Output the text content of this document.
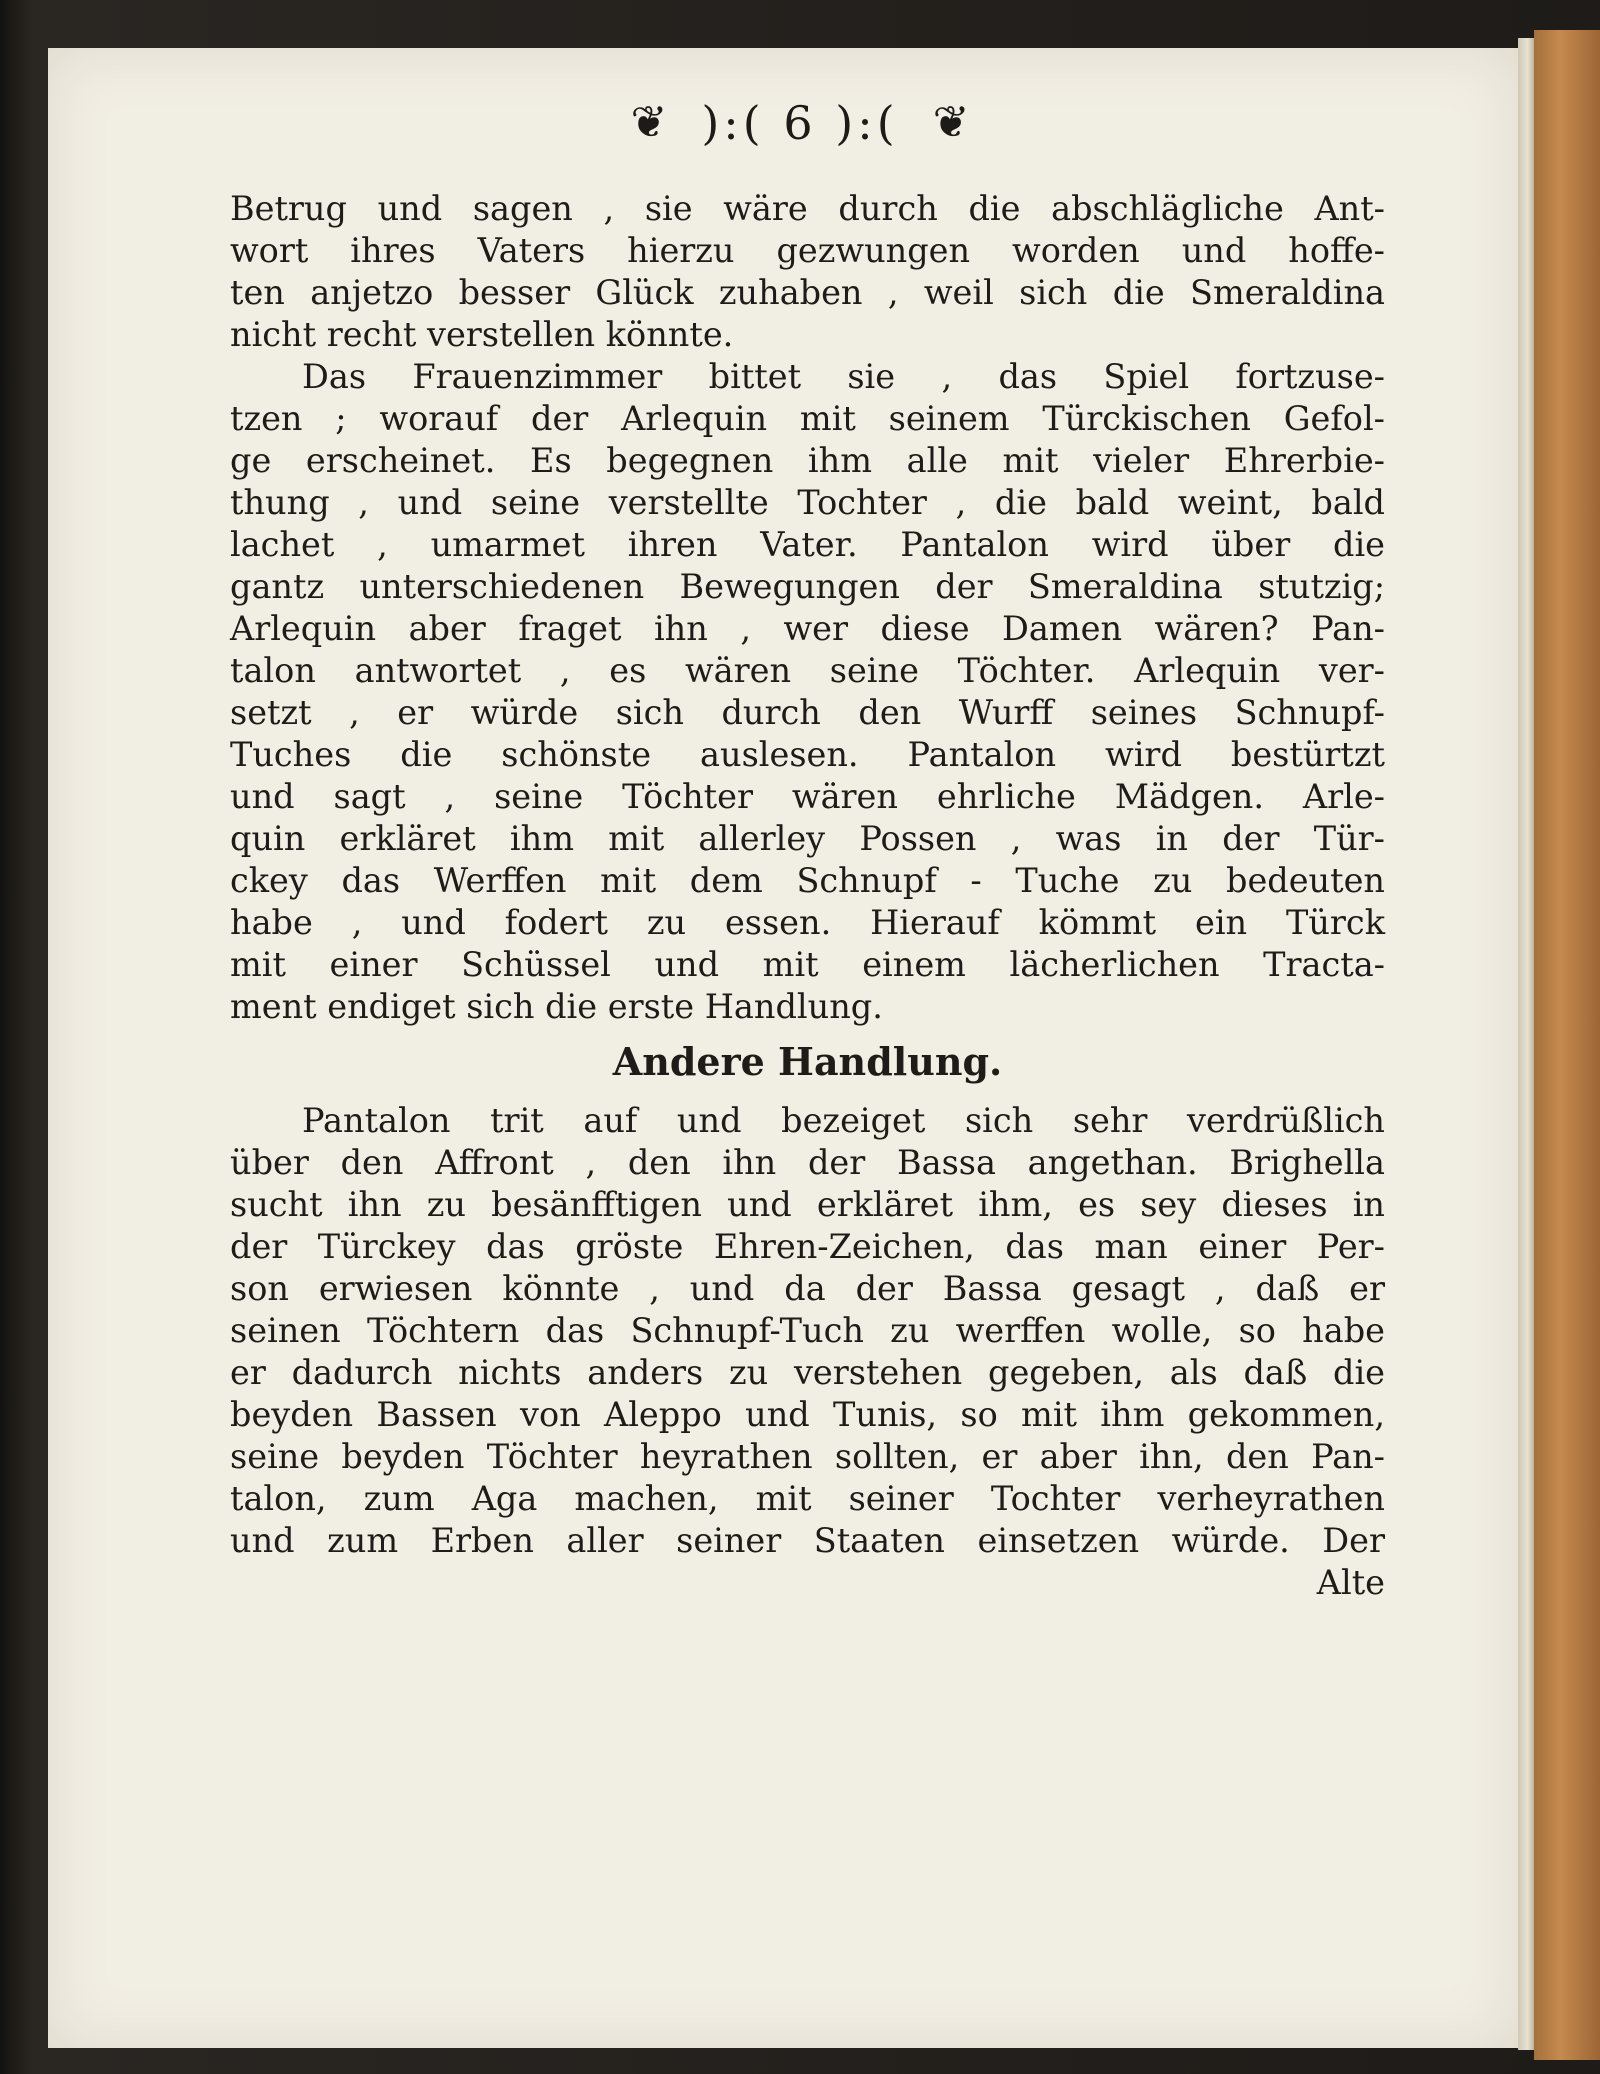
❦ ):( 6 ):( ❦
Betrug und sagen , sie wäre durch die abschlägliche Ant-
wort ihres Vaters hierzu gezwungen worden und hoffe-
ten anjetzo besser Glück zuhaben , weil sich die Smeraldina
nicht recht verstellen könnte.
Das Frauenzimmer bittet sie , das Spiel fortzuse-
tzen ; worauf der Arlequin mit seinem Türckischen Gefol-
ge erscheinet. Es begegnen ihm alle mit vieler Ehrerbie-
thung , und seine verstellte Tochter , die bald weint, bald
lachet , umarmet ihren Vater. Pantalon wird über die
gantz unterschiedenen Bewegungen der Smeraldina stutzig;
Arlequin aber fraget ihn , wer diese Damen wären? Pan-
talon antwortet , es wären seine Töchter. Arlequin ver-
setzt , er würde sich durch den Wurff seines Schnupf-
Tuches die schönste auslesen. Pantalon wird bestürtzt
und sagt , seine Töchter wären ehrliche Mädgen. Arle-
quin erkläret ihm mit allerley Possen , was in der Tür-
ckey das Werffen mit dem Schnupf - Tuche zu bedeuten
habe , und fodert zu essen. Hierauf kömmt ein Türck
mit einer Schüssel und mit einem lächerlichen Tracta-
ment endiget sich die erste Handlung.
Andere Handlung.
Pantalon trit auf und bezeiget sich sehr verdrüßlich
über den Affront , den ihn der Bassa angethan. Brighella
sucht ihn zu besänfftigen und erkläret ihm, es sey dieses in
der Türckey das gröste Ehren-Zeichen, das man einer Per-
son erwiesen könnte , und da der Bassa gesagt , daß er
seinen Töchtern das Schnupf-Tuch zu werffen wolle, so habe
er dadurch nichts anders zu verstehen gegeben, als daß die
beyden Bassen von Aleppo und Tunis, so mit ihm gekommen,
seine beyden Töchter heyrathen sollten, er aber ihn, den Pan-
talon, zum Aga machen, mit seiner Tochter verheyrathen
und zum Erben aller seiner Staaten einsetzen würde. Der
Alte
